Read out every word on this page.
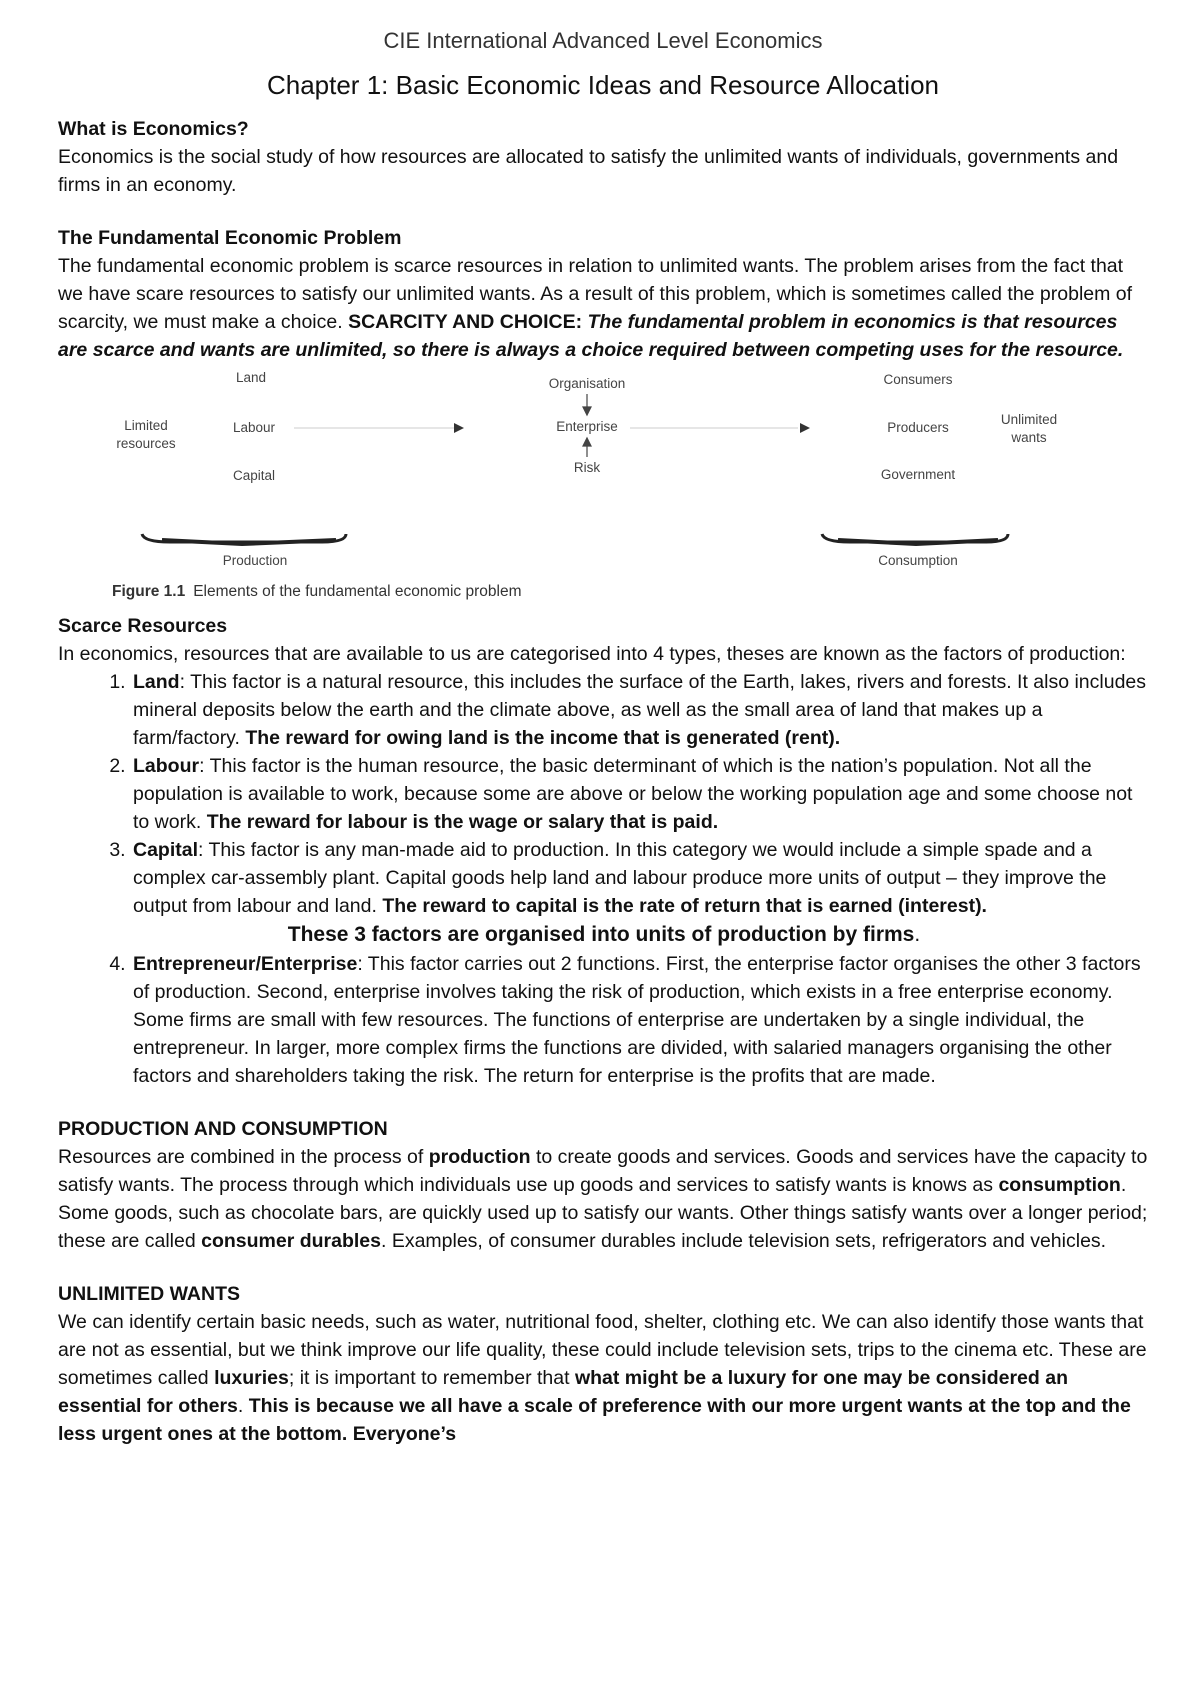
CIE International Advanced Level Economics

Chapter 1: Basic Economic Ideas and Resource Allocation

What is Economics?

Economics is the social study of how resources are allocated to satisfy the unlimited wants of individuals, governments and firms in an economy.

The Fundamental Economic Problem

The fundamental economic problem is scarce resources in relation to unlimited wants. The problem arises from the fact that we have scare resources to satisfy our unlimited wants. As a result of this problem, which is sometimes called the problem of scarcity, we must make a choice. SCARCITY AND CHOICE: The fundamental problem in economics is that resources are scarce and wants are unlimited, so there is always a choice required between competing uses for the resource.

Limited
resources
Land
Labour
Capital
Organisation
Enterprise
Risk
Consumers
Producers
Government
Unlimited
wants
Production	Consumption
Figure 1.1 Elements of the fundamental economic problem

Scarce Resources

In economics, resources that are available to us are categorised into 4 types, theses are known as the factors of production:

1. Land: This factor is a natural resource, this includes the surface of the Earth, lakes, rivers and forests. It also includes mineral deposits below the earth and the climate above, as well as the small area of land that makes up a farm/factory. The reward for owing land is the income that is generated (rent).
2. Labour: This factor is the human resource, the basic determinant of which is the nation’s population. Not all the population is available to work, because some are above or below the working population age and some choose not to work. The reward for labour is the wage or salary that is paid.
3. Capital: This factor is any man-made aid to production. In this category we would include a simple spade and a complex car-assembly plant. Capital goods help land and labour produce more units of output – they improve the output from labour and land. The reward to capital is the rate of return that is earned (interest).
These 3 factors are organised into units of production by firms.
4. Entrepreneur/Enterprise: This factor carries out 2 functions. First, the enterprise factor organises the other 3 factors of production. Second, enterprise involves taking the risk of production, which exists in a free enterprise economy. Some firms are small with few resources. The functions of enterprise are undertaken by a single individual, the entrepreneur. In larger, more complex firms the functions are divided, with salaried managers organising the other factors and shareholders taking the risk. The return for enterprise is the profits that are made.

PRODUCTION AND CONSUMPTION

Resources are combined in the process of production to create goods and services. Goods and services have the capacity to satisfy wants. The process through which individuals use up goods and services to satisfy wants is knows as consumption. Some goods, such as chocolate bars, are quickly used up to satisfy our wants. Other things satisfy wants over a longer period; these are called consumer durables. Examples, of consumer durables include television sets, refrigerators and vehicles.

UNLIMITED WANTS

We can identify certain basic needs, such as water, nutritional food, shelter, clothing etc. We can also identify those wants that are not as essential, but we think improve our life quality, these could include television sets, trips to the cinema etc. These are sometimes called luxuries; it is important to remember that what might be a luxury for one may be considered an essential for others. This is because we all have a scale of preference with our more urgent wants at the top and the less urgent ones at the bottom. Everyone’s
